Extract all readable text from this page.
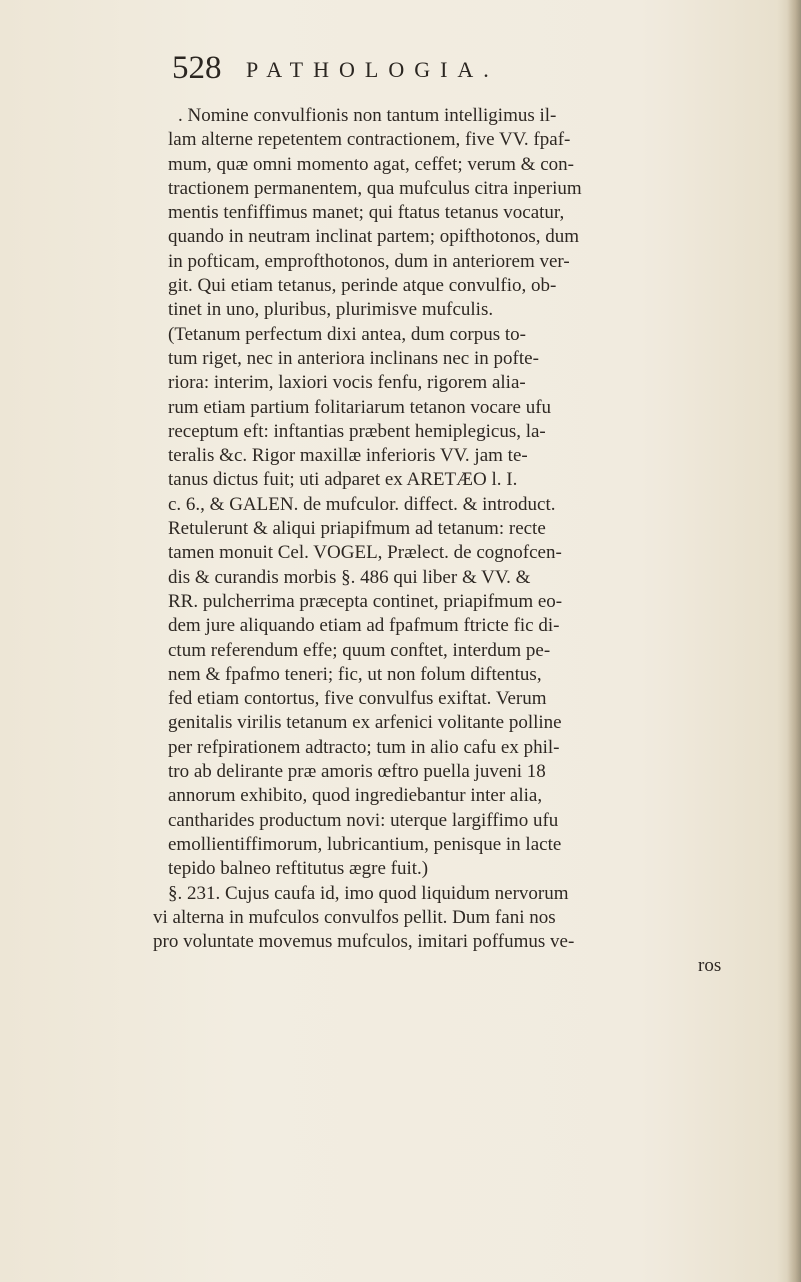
528 PATHOLOGIA.
. Nomine convulfionis non tantum intelligimus il-
lam alterne repetentem contractionem, five VV. fpaf-
mum, quæ omni momento agat, ceffet; verum & con-
tractionem permanentem, qua mufculus citra inperium
mentis tenfiffimus manet; qui ftatus tetanus vocatur,
quando in neutram inclinat partem; opifthotonos, dum
in pofticam, emprofthotonos, dum in anteriorem ver-
git. Qui etiam tetanus, perinde atque convulfio, ob-
tinet in uno, pluribus, plurimisve mufculis.
(Tetanum perfectum dixi antea, dum corpus to-
tum riget, nec in anteriora inclinans nec in pofte-
riora: interim, laxiori vocis fenfu, rigorem alia-
rum etiam partium folitariarum tetanon vocare ufu
receptum eft: inftantias præbent hemiplegicus, la-
teralis &c. Rigor maxillæ inferioris VV. jam te-
tanus dictus fuit; uti adparet ex ARETÆO l. I.
c. 6., & GALEN. de mufculor. diffect. & introduct.
Retulerunt & aliqui priapifmum ad tetanum: recte
tamen monuit Cel. VOGEL, Prælect. de cognofcen-
dis & curandis morbis §. 486 qui liber & VV. &
RR. pulcherrima præcepta continet, priapifmum eo-
dem jure aliquando etiam ad fpafmum ftricte fic di-
ctum referendum effe; quum conftet, interdum pe-
nem & fpafmo teneri; fic, ut non folum diftentus,
fed etiam contortus, five convulfus exiftat. Verum
genitalis virilis tetanum ex arfenici volitante polline
per refpirationem adtracto; tum in alio cafu ex phil-
tro ab delirante præ amoris œftro puella juveni 18
annorum exhibito, quod ingrediebantur inter alia,
cantharides productum novi: uterque largiffimo ufu
emollientiffimorum, lubricantium, penisque in lacte
tepido balneo reftitutus ægre fuit.)
§. 231. Cujus caufa id, imo quod liquidum nervorum
vi alterna in mufculos convulfos pellit. Dum fani nos
pro voluntate movemus mufculos, imitari poffumus ve-
ros
